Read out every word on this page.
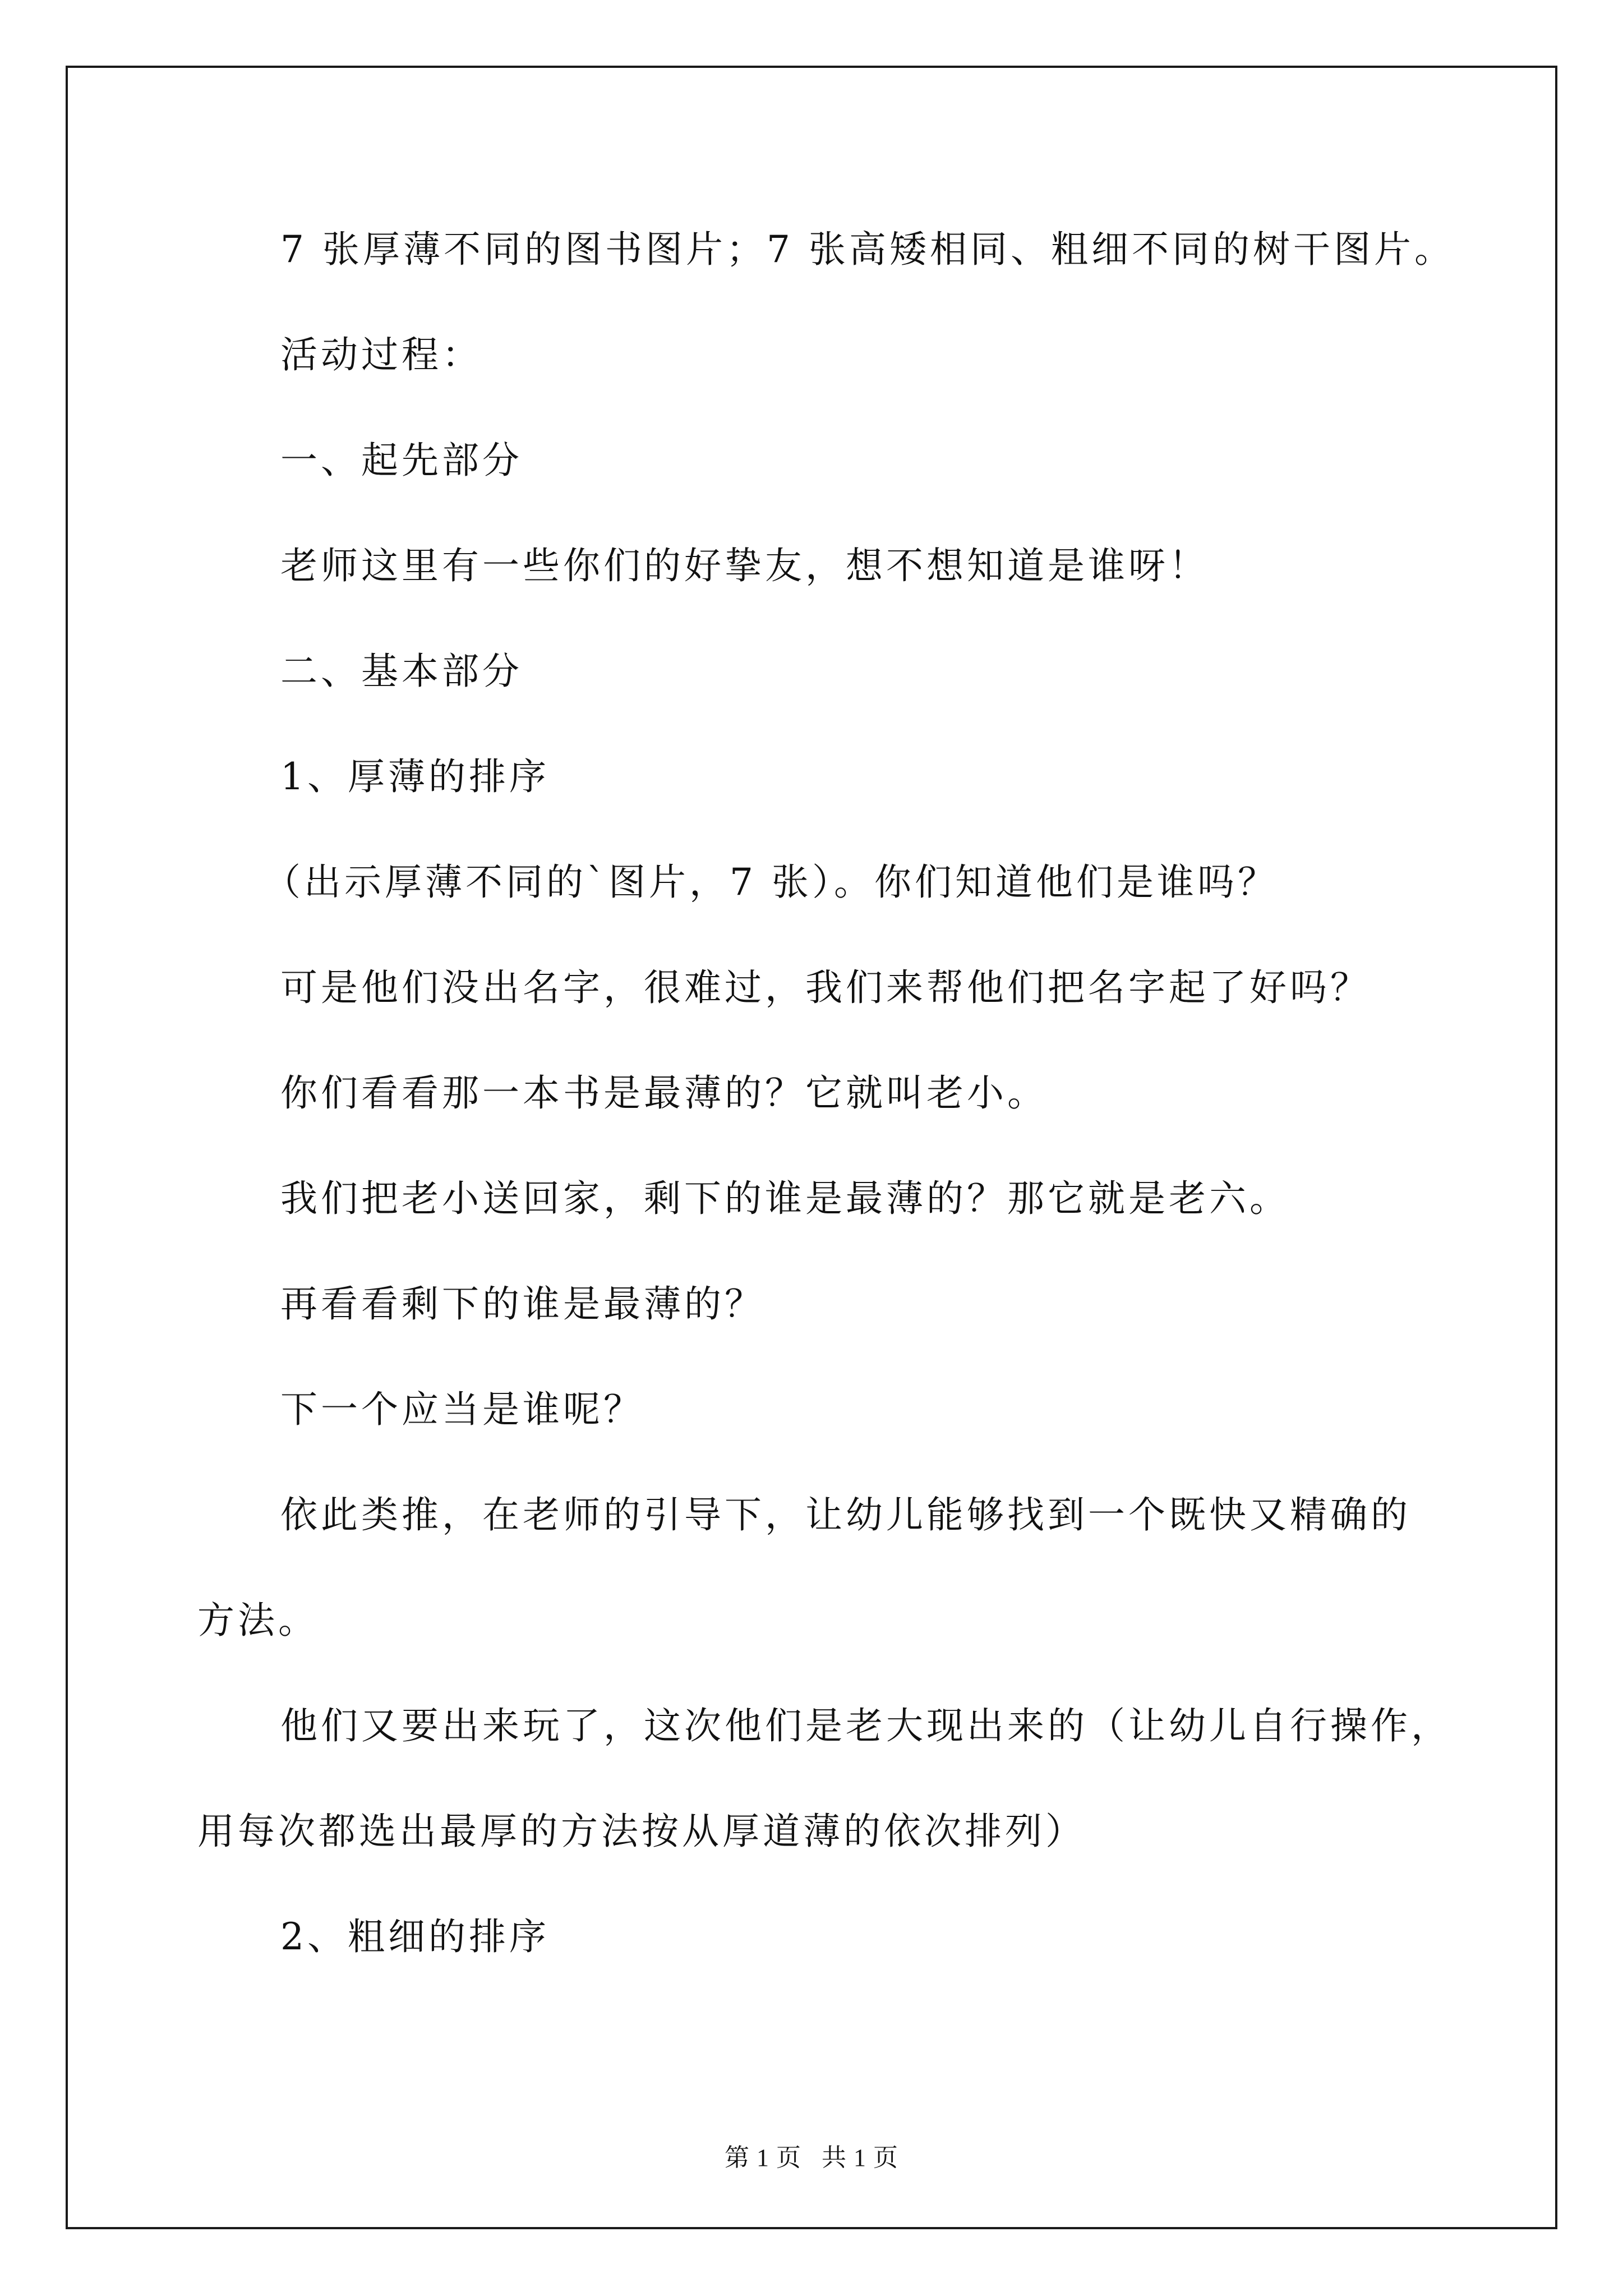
7 张厚薄不同的图书图片；7 张高矮相同、粗细不同的树干图片。
活动过程：
一、起先部分
老师这里有一些你们的好挚友，想不想知道是谁呀！
二、基本部分
1、厚薄的排序
（出示厚薄不同的`图片，7 张）。你们知道他们是谁吗？
可是他们没出名字，很难过，我们来帮他们把名字起了好吗？
你们看看那一本书是最薄的？它就叫老小。
我们把老小送回家，剩下的谁是最薄的？那它就是老六。
再看看剩下的谁是最薄的？
下一个应当是谁呢？
依此类推，在老师的引导下，让幼儿能够找到一个既快又精确的
方法。
他们又要出来玩了，这次他们是老大现出来的（让幼儿自行操作，
用每次都选出最厚的方法按从厚道薄的依次排列）
2、粗细的排序
第 1 页   共 1 页
